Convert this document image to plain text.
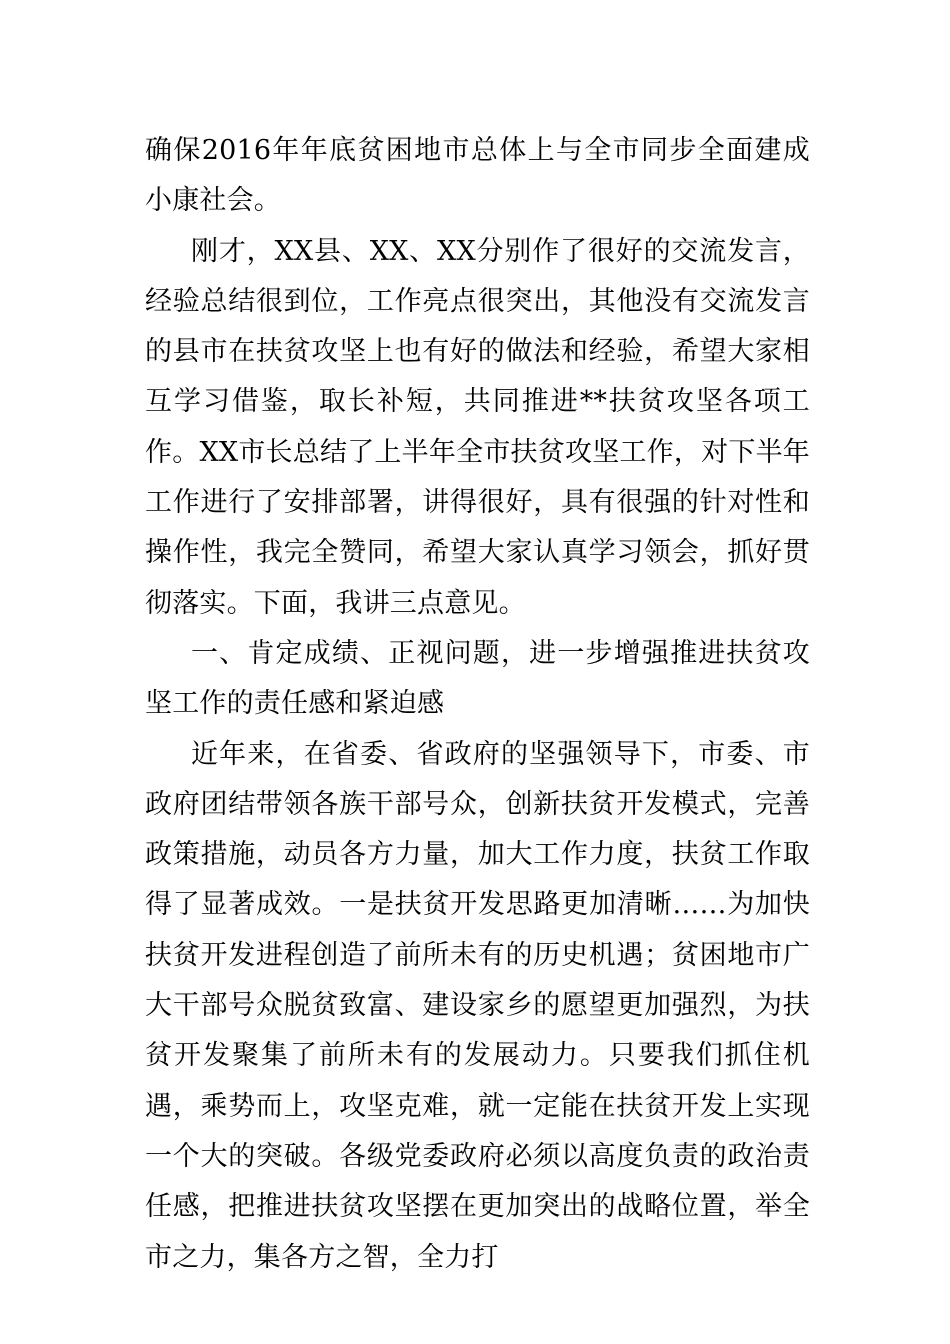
确保2016年年底贫困地市总体上与全市同步全面建成小康社会。

刚才，XX县、XX、XX分别作了很好的交流发言，经验总结很到位，工作亮点很突出，其他没有交流发言的县市在扶贫攻坚上也有好的做法和经验，希望大家相互学习借鉴，取长补短，共同推进**扶贫攻坚各项工作。XX市长总结了上半年全市扶贫攻坚工作，对下半年工作进行了安排部署，讲得很好，具有很强的针对性和操作性，我完全赞同，希望大家认真学习领会，抓好贯彻落实。下面，我讲三点意见。

一、肯定成绩、正视问题，进一步增强推进扶贫攻坚工作的责任感和紧迫感

近年来，在省委、省政府的坚强领导下，市委、市政府团结带领各族干部号众，创新扶贫开发模式，完善政策措施，动员各方力量，加大工作力度，扶贫工作取得了显著成效。一是扶贫开发思路更加清晰……为加快扶贫开发进程创造了前所未有的历史机遇；贫困地市广大干部号众脱贫致富、建设家乡的愿望更加强烈，为扶贫开发聚集了前所未有的发展动力。只要我们抓住机遇，乘势而上，攻坚克难，就一定能在扶贫开发上实现一个大的突破。各级党委政府必须以高度负责的政治责任感，把推进扶贫攻坚摆在更加突出的战略位置，举全市之力，集各方之智，全力打
